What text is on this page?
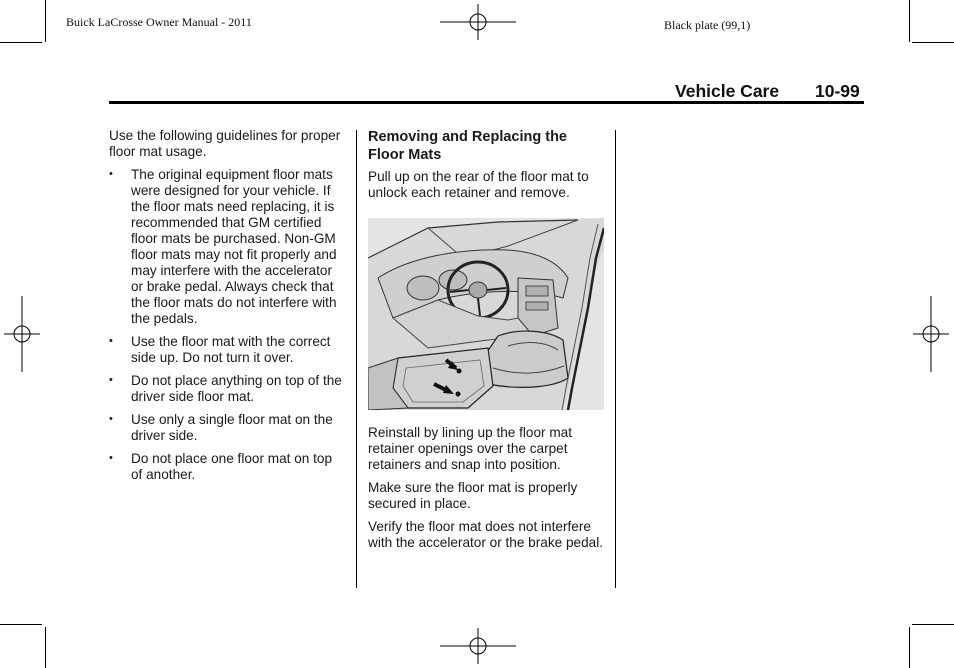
Buick LaCrosse Owner Manual - 2011	Black plate (99,1)
Vehicle Care 10-99

Use the following guidelines for proper floor mat usage.

• The original equipment floor mats were designed for your vehicle. If the floor mats need replacing, it is recommended that GM certified floor mats be purchased. Non-GM floor mats may not fit properly and may interfere with the accelerator or brake pedal. Always check that the floor mats do not interfere with the pedals.
• Use the floor mat with the correct side up. Do not turn it over.
• Do not place anything on top of the driver side floor mat.
• Use only a single floor mat on the driver side.
• Do not place one floor mat on top of another.
Removing and Replacing the Floor Mats

Pull up on the rear of the floor mat to unlock each retainer and remove.

Reinstall by lining up the floor mat retainer openings over the carpet retainers and snap into position.

Make sure the floor mat is properly secured in place.

Verify the floor mat does not interfere with the accelerator or the brake pedal.
